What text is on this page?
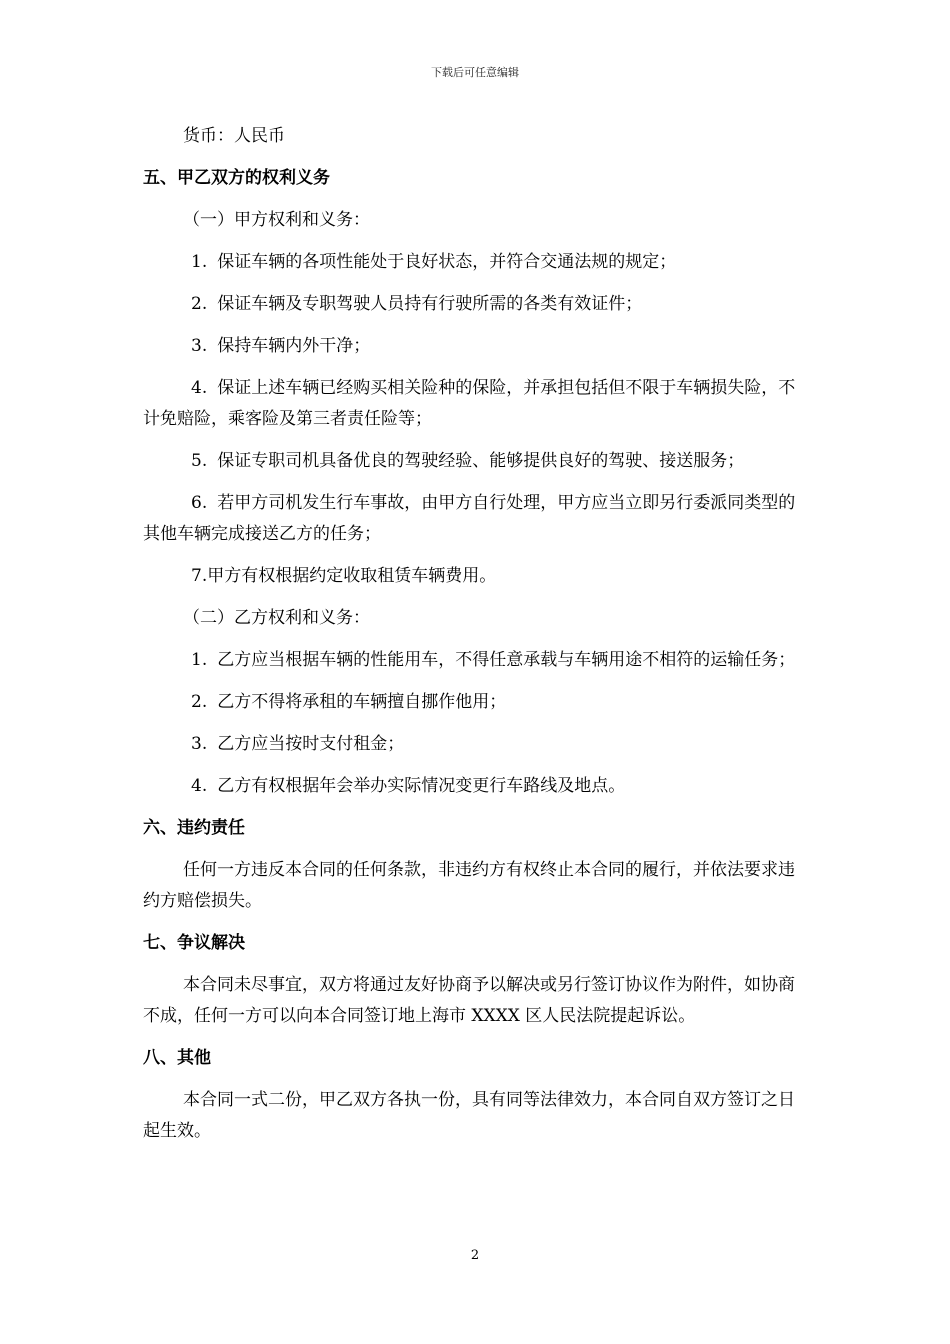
下载后可任意编辑
货币：人民币
五、甲乙双方的权利义务
（一）甲方权利和义务：
1. 保证车辆的各项性能处于良好状态，并符合交通法规的规定；
2. 保证车辆及专职驾驶人员持有行驶所需的各类有效证件；
3. 保持车辆内外干净；
4. 保证上述车辆已经购买相关险种的保险，并承担包括但不限于车辆损失险，不计免赔险，乘客险及第三者责任险等；
5. 保证专职司机具备优良的驾驶经验、能够提供良好的驾驶、接送服务；
6. 若甲方司机发生行车事故，由甲方自行处理，甲方应当立即另行委派同类型的其他车辆完成接送乙方的任务；
7.甲方有权根据约定收取租赁车辆费用。
（二）乙方权利和义务：
1. 乙方应当根据车辆的性能用车，不得任意承载与车辆用途不相符的运输任务；
2. 乙方不得将承租的车辆擅自挪作他用；
3. 乙方应当按时支付租金；
4. 乙方有权根据年会举办实际情况变更行车路线及地点。
六、违约责任
任何一方违反本合同的任何条款，非违约方有权终止本合同的履行，并依法要求违约方赔偿损失。
七、争议解决
本合同未尽事宜，双方将通过友好协商予以解决或另行签订协议作为附件，如协商不成，任何一方可以向本合同签订地上海市 XXXX 区人民法院提起诉讼。
八、其他
本合同一式二份，甲乙双方各执一份，具有同等法律效力，本合同自双方签订之日起生效。
2
